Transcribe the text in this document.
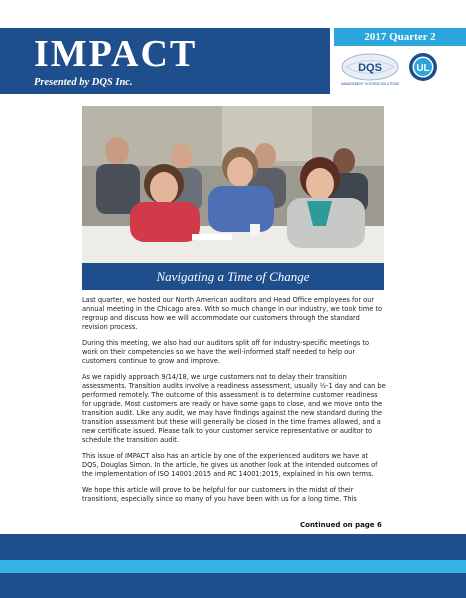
IMPACT
Presented by DQS Inc.
2017 Quarter 2
DQS
MANAGEMENT SYSTEMS SOLUTIONS
UL
Navigating a Time of Change

Last quarter, we hosted our North American auditors and Head Office employees for our annual meeting in the Chicago area. With so much change in our industry, we took time to regroup and discuss how we will accommodate our customers through the standard revision process.

During this meeting, we also had our auditors split off for industry-specific meetings to work on their competencies so we have the well-informed staff needed to help our customers continue to grow and improve.

As we rapidly approach 9/14/18, we urge customers not to delay their transition assessments. Transition audits involve a readiness assessment, usually ½-1 day and can be performed remotely. The outcome of this assessment is to determine customer readiness for upgrade. Most customers are ready or have some gaps to close, and we move onto the transition audit. Like any audit, we may have findings against the new standard during the transition assessment but these will generally be closed in the time frames allowed, and a new certificate issued. Please talk to your customer service representative or auditor to schedule the transition audit.

This issue of IMPACT also has an article by one of the experienced auditors we have at DQS, Douglas Simon. In the article, he gives us another look at the intended outcomes of the implementation of ISO 14001:2015 and RC 14001:2015, explained in his own terms.

We hope this article will prove to be helpful for our customers in the midst of their transitions, especially since so many of you have been with us for a long time. This

Continued on page 6
